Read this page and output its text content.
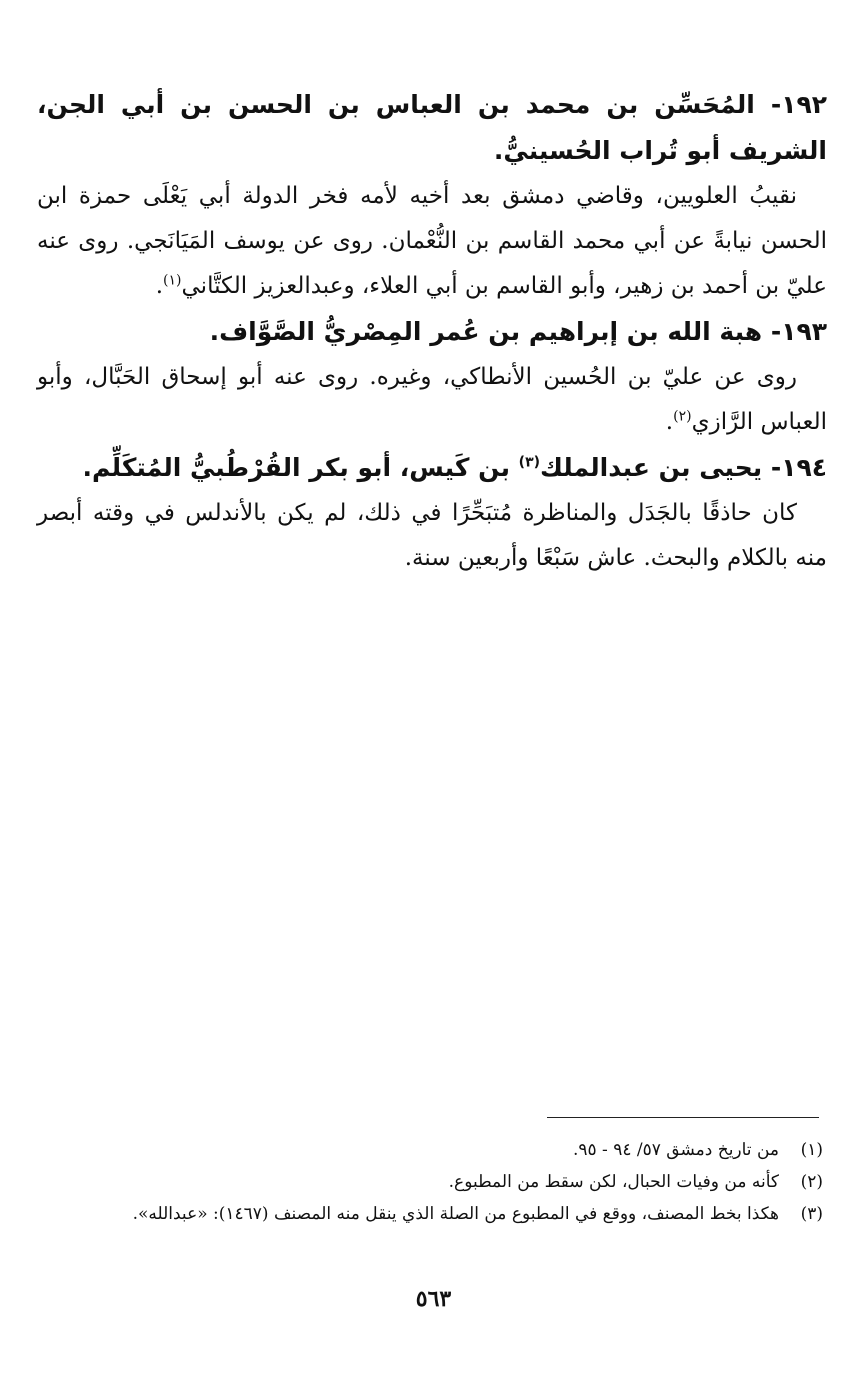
١٩٢- المُحَسِّن بن محمد بن العباس بن الحسن بن أبي الجن، الشريف أبو تُراب الحُسينيُّ.

نقيبُ العلويين، وقاضي دمشق بعد أخيه لأمه فخر الدولة أبي يَعْلَى حمزة ابن الحسن نيابةً عن أبي محمد القاسم بن النُّعْمان. روى عن يوسف المَيَانَجي. روى عنه عليّ بن أحمد بن زهير، وأبو القاسم بن أبي العلاء، وعبدالعزيز الكتَّاني$^{(١)}$.

١٩٣- هبة الله بن إبراهيم بن عُمر المِصْريُّ الصَّوَّاف.

روى عن عليّ بن الحُسين الأنطاكي، وغيره. روى عنه أبو إسحاق الحَبَّال، وأبو العباس الرَّازي$^{(٢)}$.

١٩٤- يحيى بن عبدالملك$^{(٣)}$ بن كَيس، أبو بكر القُرْطُبيُّ المُتكَلِّم.

كان حاذقًا بالجَدَل والمناظرة مُتبَحِّرًا في ذلك، لم يكن بالأندلس في وقته أبصر منه بالكلام والبحث. عاش سَبْعًا وأربعين سنة.

(١)
من تاريخ دمشق ٥٧/ ٩٤ - ٩٥.
(٢)
كأنه من وفيات الحبال، لكن سقط من المطبوع.
(٣)
هكذا بخط المصنف، ووقع في المطبوع من الصلة الذي ينقل منه المصنف (١٤٦٧): «عبدالله».
٥٦٣
